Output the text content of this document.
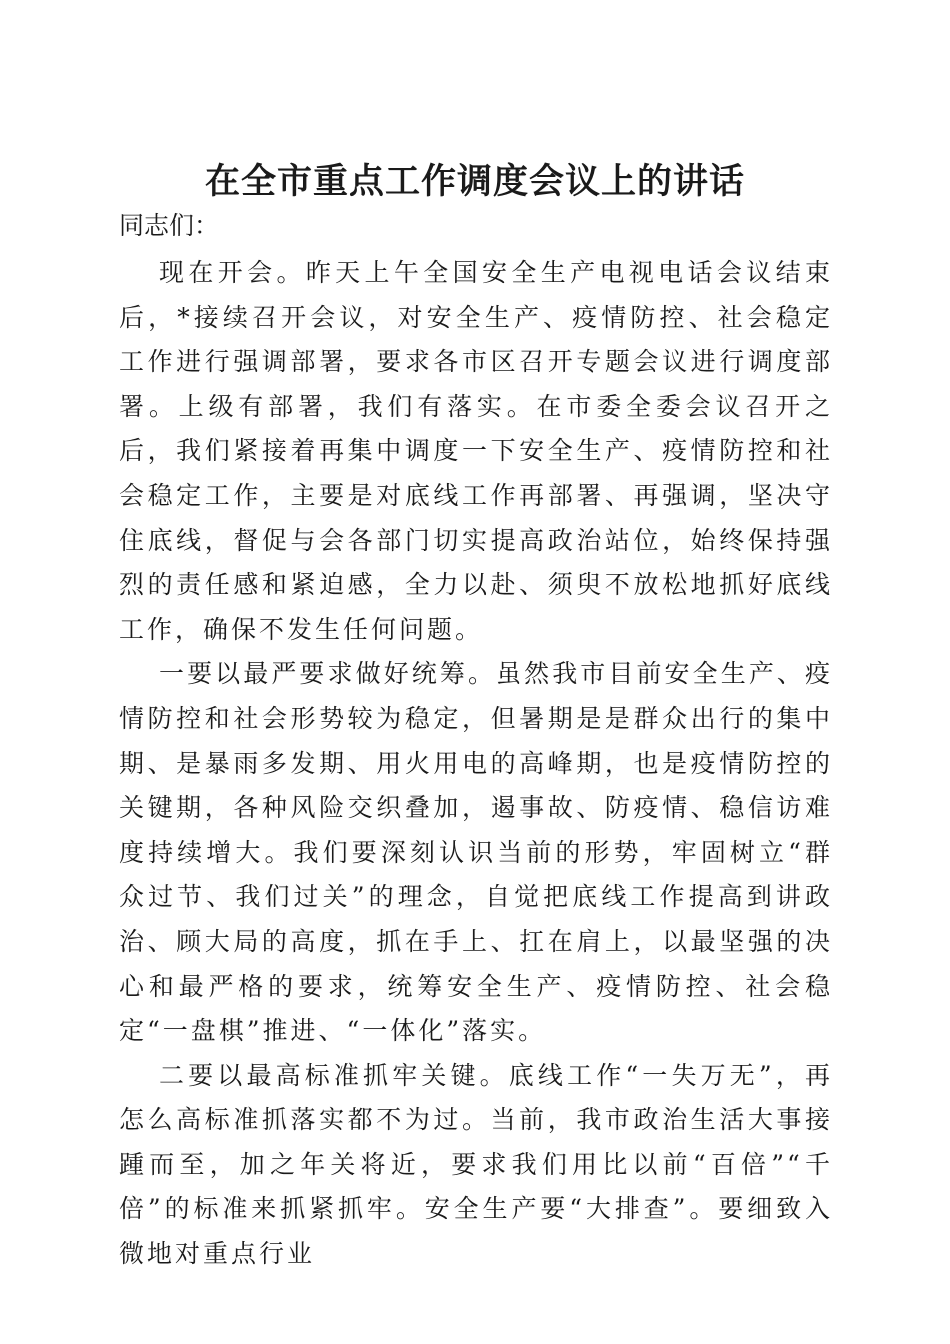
在全市重点工作调度会议上的讲话
同志们：

现在开会。昨天上午全国安全生产电视电话会议结束后，*接续召开会议，对安全生产、疫情防控、社会稳定工作进行强调部署，要求各市区召开专题会议进行调度部署。上级有部署，我们有落实。在市委全委会议召开之后，我们紧接着再集中调度一下安全生产、疫情防控和社会稳定工作，主要是对底线工作再部署、再强调，坚决守住底线，督促与会各部门切实提高政治站位，始终保持强烈的责任感和紧迫感，全力以赴、须臾不放松地抓好底线工作，确保不发生任何问题。

一要以最严要求做好统筹。虽然我市目前安全生产、疫情防控和社会形势较为稳定，但暑期是是群众出行的集中期、是暴雨多发期、用火用电的高峰期，也是疫情防控的关键期，各种风险交织叠加，遏事故、防疫情、稳信访难度持续增大。我们要深刻认识当前的形势，牢固树立“群众过节、我们过关”的理念，自觉把底线工作提高到讲政治、顾大局的高度，抓在手上、扛在肩上，以最坚强的决心和最严格的要求，统筹安全生产、疫情防控、社会稳定“一盘棋”推进、“一体化”落实。

二要以最高标准抓牢关键。底线工作“一失万无”，再怎么高标准抓落实都不为过。当前，我市政治生活大事接踵而至，加之年关将近，要求我们用比以前“百倍”“千倍”的标准来抓紧抓牢。安全生产要“大排查”。要细致入微地对重点行业
